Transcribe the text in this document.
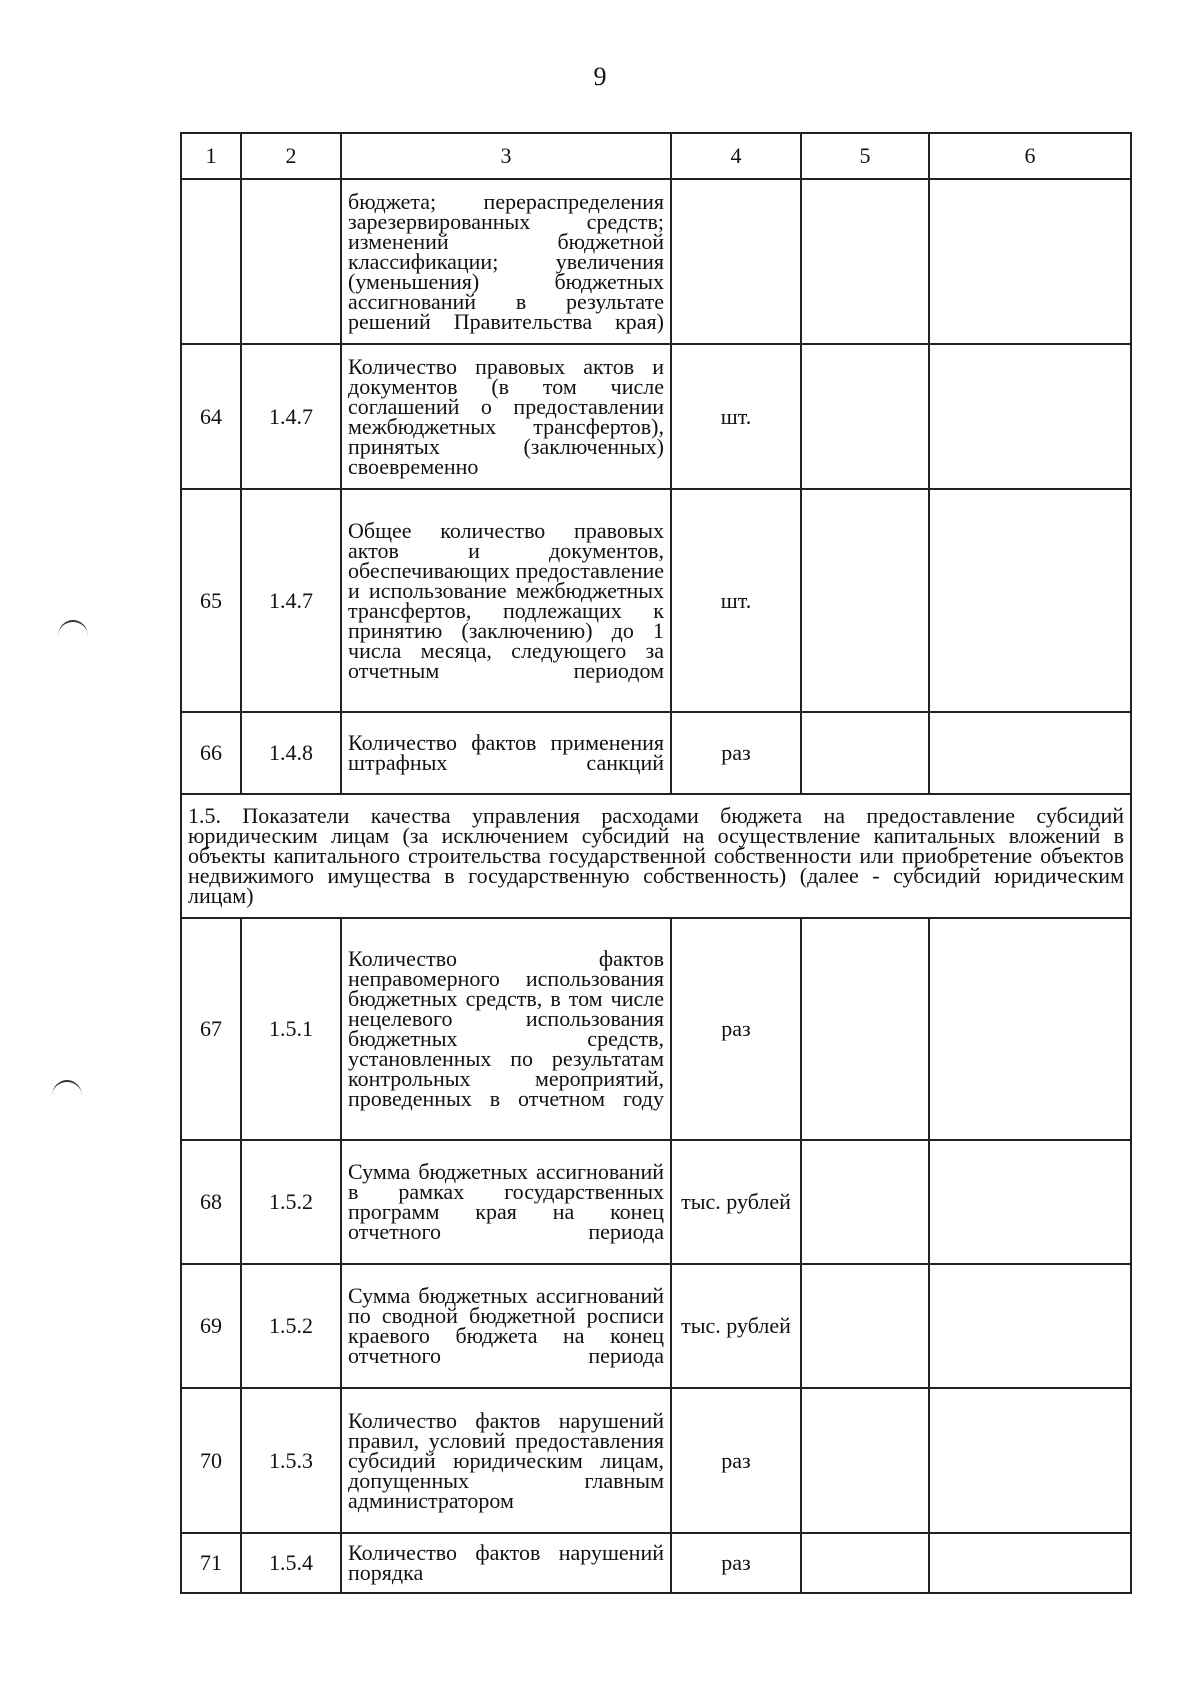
9
1	2	3	4	5	6
		бюджета; перераспределения зарезервированных средств; изменений бюджетной классификации; увеличения (уменьшения) бюджетных ассигнований в результате решений Правительства края)			
64	1.4.7	Количество правовых актов и документов (в том числе соглашений о предоставлении межбюджетных трансфертов), принятых (заключенных) своевременно	шт.		
65	1.4.7	Общее количество правовых актов и документов, обеспечивающих предоставление и использование межбюджетных трансфертов, подлежащих к принятию (заключению) до 1 числа месяца, следующего за отчетным периодом	шт.		
66	1.4.8	Количество фактов применения штрафных санкций	раз		
1.5. Показатели качества управления расходами бюджета на предоставление субсидий юридическим лицам (за исключением субсидий на осуществление капитальных вложений в объекты капитального строительства государственной собственности или приобретение объектов недвижимого имущества в государственную собственность) (далее - субсидий юридическим лицам)					
67	1.5.1	Количество фактов неправомерного использования бюджетных средств, в том числе нецелевого использования бюджетных средств, установленных по результатам контрольных мероприятий, проведенных в отчетном году	раз		
68	1.5.2	Сумма бюджетных ассигнований в рамках государственных программ края на конец отчетного периода	тыс. рублей		
69	1.5.2	Сумма бюджетных ассигнований по сводной бюджетной росписи краевого бюджета на конец отчетного периода	тыс. рублей		
70	1.5.3	Количество фактов нарушений правил, условий предоставления субсидий юридическим лицам, допущенных главным администратором	раз		
71	1.5.4	Количество фактов нарушений порядка	раз		
